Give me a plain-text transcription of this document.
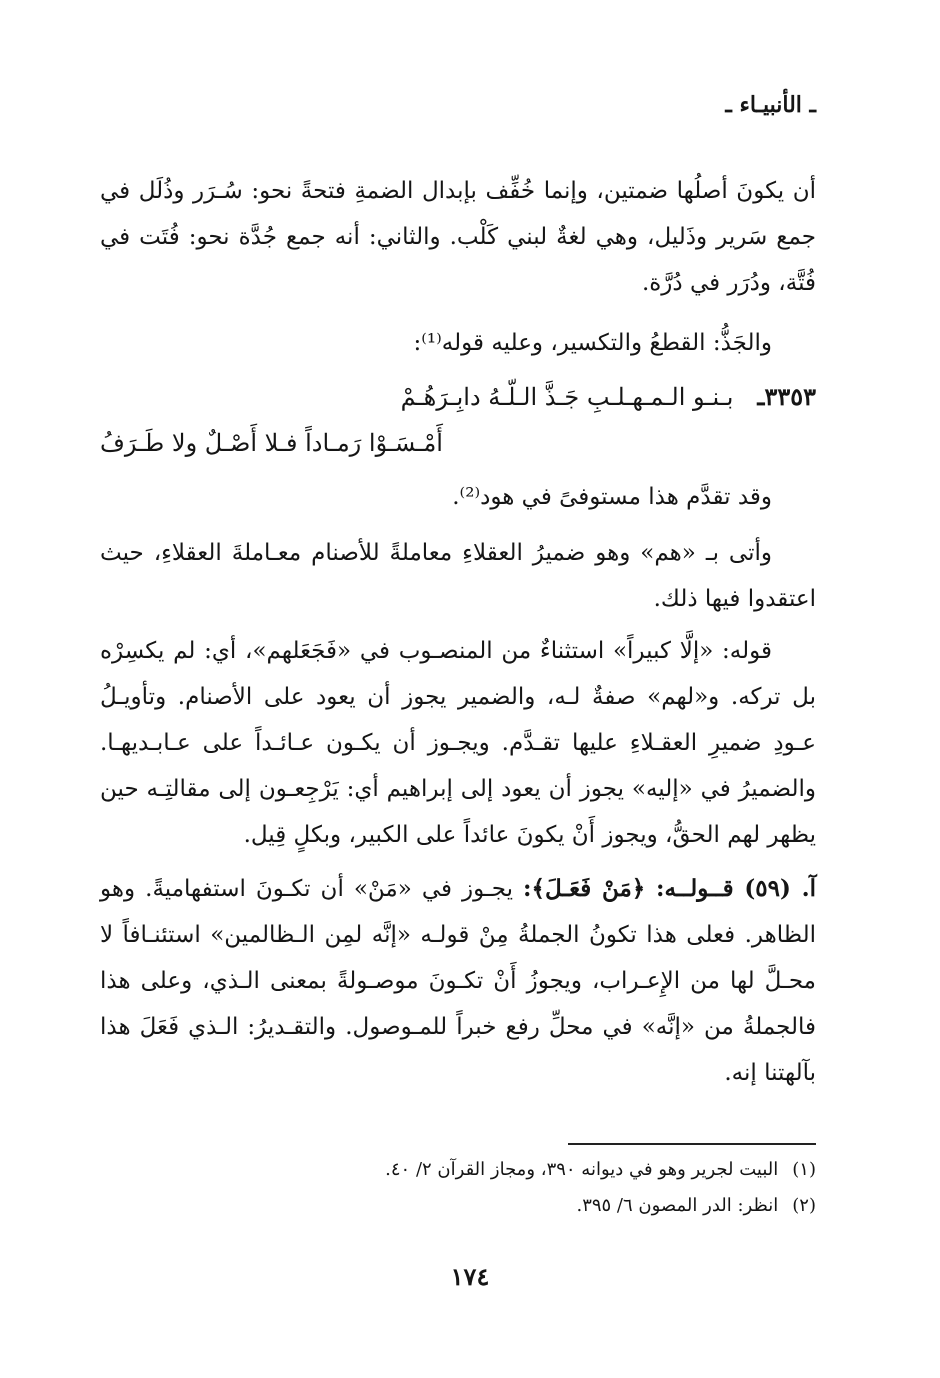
ـ الأنبيـاء ـ

أن يكونَ أصلُها ضمتين، وإنما خُفِّف بإبدال الضمةِ فتحةً نحو: سُـرَر وذُلَل في جمع سَرير وذَليل، وهي لغةٌ لبني كَلْب. والثاني: أنه جمع جُدَّة نحو: فُتَت في فُتَّة، ودُرَر في دُرَّة.

والجَذُّ: القطعُ والتكسير، وعليه قوله⁽¹⁾:

٣٣٥٣ـ
بـنـو الـمـهـلـبِ جَـذَّ الـلّـهُ دابِـرَهُـمْ
أَمْـسَـوْا رَمـاداً فـلا أَصْـلٌ ولا طَـرَفُ

وقد تقدَّم هذا مستوفىً في هود⁽²⁾.

وأتى بـ «هم» وهو ضميرُ العقلاءِ معاملةً للأصنام معـاملةَ العقلاءِ، حيث اعتقدوا فيها ذلك.

قوله: «إلَّا كبيراً» استثناءٌ من المنصـوب في «فَجَعَلهم»، أي: لم يكسِرْه بل تركه. و«لهم» صفةٌ لـه، والضمير يجوز أن يعود على الأصنام. وتأويـلُ عـودِ ضميرِ العقـلاءِ عليها تقـدَّم. ويجـوز أن يكـون عـائـداً على عـابـديهـا. والضميرُ في «إليه» يجوز أن يعود إلى إبراهيم أي: يَرْجِعـون إلى مقالتِـه حين يظهر لهم الحقُّ، ويجوز أَنْ يكونَ عائداً على الكبير، وبكلٍ قِيل.

آ. (٥٩) قــولــه: ﴿مَنْ فَعَـلَ﴾: يجـوز في «مَنْ» أن تكـونَ استفهاميةً. وهو الظاهر. فعلى هذا تكونُ الجملةُ مِنْ قولـه «إنَّه لمِن الـظالمين» استئنـافاً لا محـلَّ لها من الإِعـراب، ويجوزُ أَنْ تكـونَ موصـولةً بمعنى الـذي، وعلى هذا فالجملةُ من «إنَّه» في محلِّ رفع خبراً للمـوصول. والتقـديرُ: الـذي فَعَلَ هذا بآلهتنا إنه.

(١)
البيت لجرير وهو في ديوانه ٣٩٠، ومجاز القرآن ٢/ ٤٠.
(٢)
انظر: الدر المصون ٦/ ٣٩٥.
١٧٤
